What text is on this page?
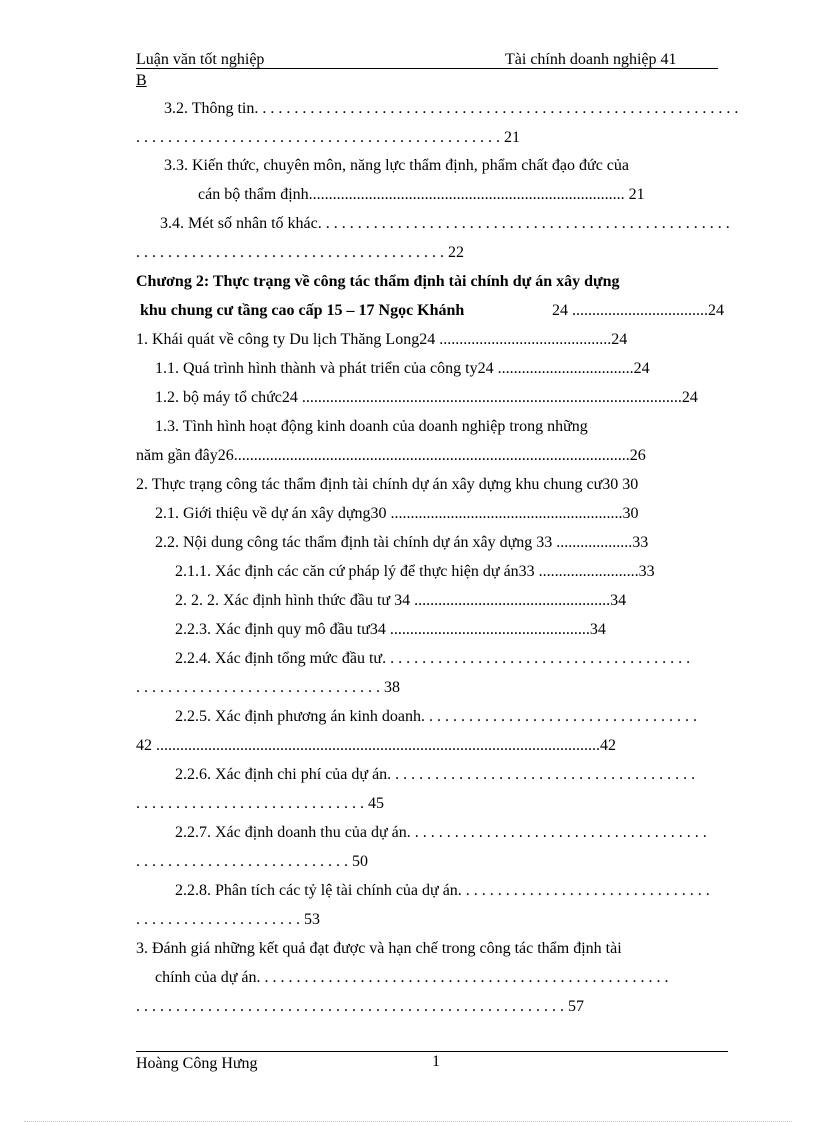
Luận văn tốt nghiệp	Tài chính doanh nghiệp 41
B
3.2. Thông tin. . . . . . . . . . . . . . . . . . . . . . . . . . . . . . . . . . . . . . . . . . . . . . . . . . . . . . . . . . . . .
. . . . . . . . . . . . . . . . . . . . . . . . . . . . . . . . . . . . . . . . . . . . . . 21
3.3. Kiến thức, chuyên môn, năng lực thẩm định, phẩm chất đạo đức của
cán bộ thẩm định............................................................................... 21
3.4. Mét số nhân tố khác. . . . . . . . . . . . . . . . . . . . . . . . . . . . . . . . . . . . . . . . . . . . . . . . . . . .
. . . . . . . . . . . . . . . . . . . . . . . . . . . . . . . . . . . . . . . 22
Chương 2: Thực trạng về công tác thẩm định tài chính dự án xây dựng
khu chung cư tầng cao cấp 15 – 17 Ngọc Khánh	24 ..................................24
1. Khái quát về công ty Du lịch Thăng Long24 ...........................................24
1.1. Quá trình hình thành và phát triển của công ty24 ..................................24
1.2. bộ máy tổ chức24 ...............................................................................................24
1.3. Tình hình hoạt động kinh doanh của doanh nghiệp trong những
năm gần đây26...................................................................................................26
2. Thực trạng công tác thẩm định tài chính dự án xây dựng khu chung cư30 30
2.1. Giới thiệu về dự án xây dựng30 ..........................................................30
2.2. Nội dung công tác thẩm định tài chính dự án xây dựng 33 ...................33
2.1.1. Xác định các căn cứ pháp lý để thực hiện dự án33 .........................33
2. 2. 2. Xác định hình thức đầu tư 34 .................................................34
2.2.3. Xác định quy mô đầu tư34 ..................................................34
2.2.4. Xác định tổng mức đầu tư. . . . . . . . . . . . . . . . . . . . . . . . . . . . . . . . . . . . . . .
. . . . . . . . . . . . . . . . . . . . . . . . . . . . . . . 38
2.2.5. Xác định phương án kinh doanh. . . . . . . . . . . . . . . . . . . . . . . . . . . . . . . . . . .
42 ...............................................................................................................42
2.2.6. Xác định chi phí của dự án. . . . . . . . . . . . . . . . . . . . . . . . . . . . . . . . . . . . . . .
. . . . . . . . . . . . . . . . . . . . . . . . . . . . . 45
2.2.7. Xác định doanh thu của dự án. . . . . . . . . . . . . . . . . . . . . . . . . . . . . . . . . . . . . .
. . . . . . . . . . . . . . . . . . . . . . . . . . . 50
2.2.8. Phân tích các tỷ lệ tài chính của dự án. . . . . . . . . . . . . . . . . . . . . . . . . . . . . . . .
. . . . . . . . . . . . . . . . . . . . . 53
3. Đánh giá những kết quả đạt được và hạn chế trong công tác thẩm định tài
chính của dự án. . . . . . . . . . . . . . . . . . . . . . . . . . . . . . . . . . . . . . . . . . . . . . . . . . . .
. . . . . . . . . . . . . . . . . . . . . . . . . . . . . . . . . . . . . . . . . . . . . . . . . . . . . . 57
Hoàng Công Hưng	1
